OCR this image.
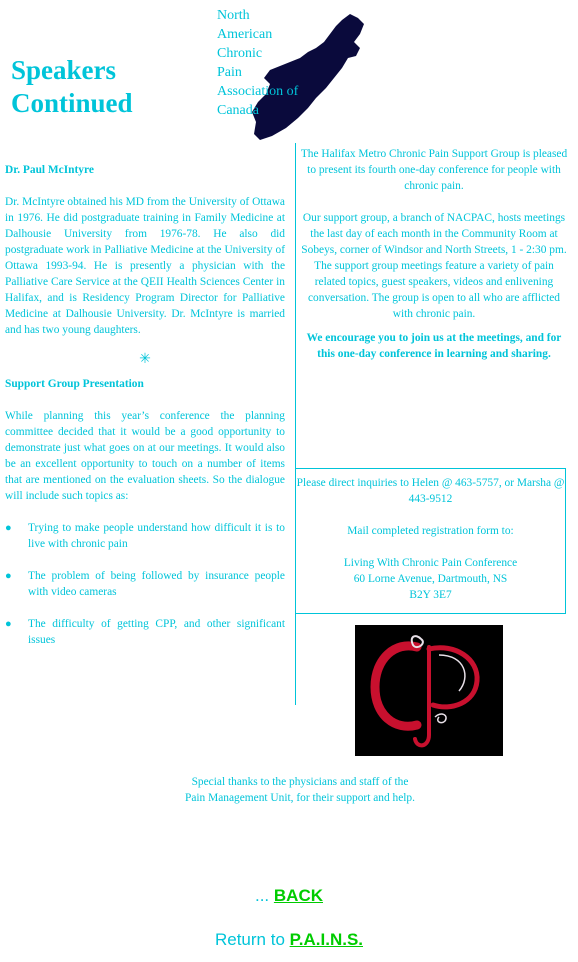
Speakers
Continued
North
American
Chronic
Pain
Association of
Canada

Dr. Paul McIntyre

Dr. McIntyre obtained his MD from the University of Ottawa in 1976. He did postgraduate training in Family Medicine at Dalhousie University from 1976-78. He also did postgraduate work in Palliative Medicine at the University of Ottawa 1993-94. He is presently a physician with the Palliative Care Service at the QEII Health Sciences Center in Halifax, and is Residency Program Director for Palliative Medicine at Dalhousie University. Dr. McIntyre is married and has two young daughters.

✳

Support Group Presentation

While planning this year’s conference the planning committee decided that it would be a good opportunity to demonstrate just what goes on at our meetings. It would also be an excellent opportunity to touch on a number of items that are mentioned on the evaluation sheets. So the dialogue will include such topics as:

● Trying to make people understand how difficult it is to live with chronic pain
● The problem of being followed by insurance people with video cameras
● The difficulty of getting CPP, and other significant issues

The Halifax Metro Chronic Pain Support Group is pleased to present its fourth one-day conference for people with chronic pain.

Our support group, a branch of NACPAC, hosts meetings the last day of each month in the Community Room at Sobeys, corner of Windsor and North Streets, 1 - 2:30 pm. The support group meetings feature a variety of pain related topics, guest speakers, videos and enlivening conversation. The group is open to all who are afflicted with chronic pain.

We encourage you to join us at the meetings, and for this one-day conference in learning and sharing.

Please direct inquiries to Helen @ 463-5757, or Marsha @ 443-9512

Mail completed registration form to:

Living With Chronic Pain Conference

60 Lorne Avenue, Dartmouth, NS

B2Y 3E7

Special thanks to the physicians and staff of the
Pain Management Unit, for their support and help.
... BACK
Return to P.A.I.N.S.
